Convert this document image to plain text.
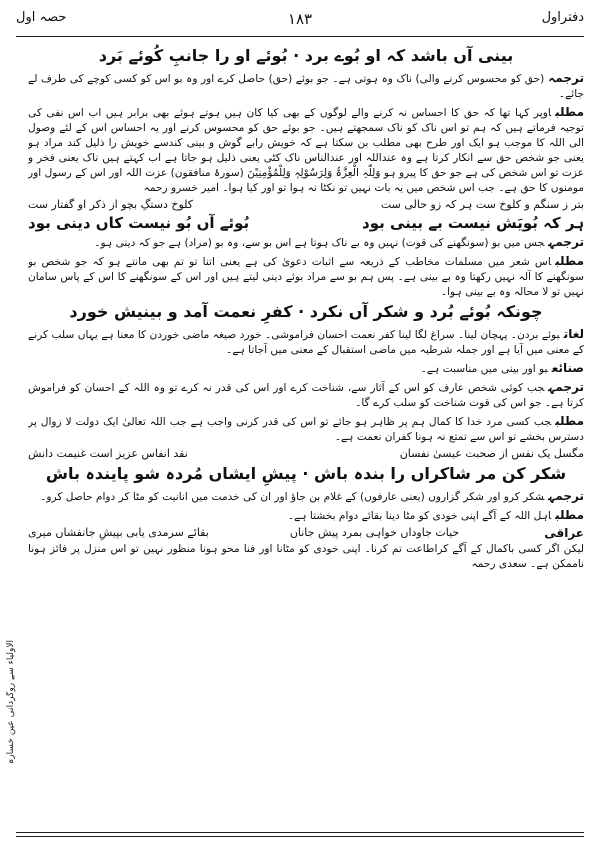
دفتراول
۱۸۳
حصہ اول
بینی آں باشد کہ او بُوے برد · بُوئے او را جانبِ کُوئے بَرد

ترجمہ(حق کو محسوس کرنے والی) ناک وہ ہوتی ہے۔ جو بوئے (حق) حاصل کرے اور وہ بو اس کو کسی کوچے کی طرف لے جائے۔

مطلباوپر کہا تھا کہ حق کا احساس نہ کرنے والے لوگوں کے بھی کیا کان ہیں ہوتے ہوئے بھی برابر ہیں اب اس نفی کی توجیہ فرماتے ہیں کہ ہم تو اس ناک کو ناک سمجھتے ہیں۔ جو بوئے حق کو محسوس کرنے اور یہ احساس اس کے لئے وصول الی اللہ کا موجب ہو ایک اور طرح بھی مطلب بن سکتا ہے کہ خویش رابے گوش و بینی کندسے خویش را ذلیل کند مراد ہو یعنی جو شخص حق سے انکار کرتا ہے وہ عنداللہ اور عندالناس ناک کٹی یعنی ذلیل ہو جاتا ہے اب کہتے ہیں ناک یعنی فخر و عزت تو اس شخص کی ہے جو حق کا پیرو ہو وَلِلّٰہِ الْعِزَّۃُ وَلِرَسُوْلِہٖ وَلِلْمُؤْمِنِیْنَ (سورۂ منافقون) عزت اللہ اور اس کے رسول اور مومنوں کا حق ہے۔ جب اس شخص میں یہ بات نہیں تو نکٹا نہ ہوا تو اور کیا ہوا۔ امیر خسرو رحمہ

بتر ز سنگم و کلوخ ست ہر کہ زو حالی ست
کلوخ دستگِ بچو از ذکر او گفتار ست
ہر کہ بُویَش نیست بے بینی بود
بُوئے آں بُو نیست کاں دینی بود

ترجمہجس میں بو (سونگھنے کی قوت) نہیں وہ بے ناک ہوتا ہے اس بو سے، وہ بو (مراد) ہے جو کہ دینی ہو۔

مطلباس شعر میں مسلمات مخاطب کے ذریعہ سے اثبات دعویٰ کی ہے یعنی اتنا تو تم بھی مانتے ہو کہ جو شخص بو سونگھنے کا آلہ نہیں رکھتا وہ بے بینی ہے۔ پس ہم بو سے مراد بوئے دینی لیتے ہیں اور اس کے سونگھنے کا اس کے پاس سامان نہیں تو لا محالہ وہ بے بینی ہوا۔

چونکہ بُوئے بُرد و شکر آں نکرد · کفرِ نعمت آمد و بینیش خورد

لغاتبوئے بردن۔ پہچان لینا۔ سراغ لگا لینا کفر نعمت احسان فراموشی۔ خورد صیغہ ماضی خوردن کا معنا ہے یہاں سلب کرنے کے معنی میں آیا ہے اور جملہ شرطیہ میں ماضی استقبال کے معنی میں آجاتا ہے۔

صنائعبو اور بینی میں مناسبت ہے۔

ترجمہجب کوئی شخص عارف کو اس کے آثار سے، شناخت کرے اور اس کی قدر نہ کرے تو وہ اللہ کے احسان کو فراموش کرتا ہے۔ جو اس کی قوت شناخت کو سلب کرے گا۔

مطلبجب کسی مرد خدا کا کمال ہم پر ظاہر ہو جائے تو اس کی قدر کرنی واجب ہے جب اللہ تعالیٰ ایک دولت لا زوال پر دسترس بخشے تو اس سے تمتع نہ ہونا کفران نعمت ہے۔

مگسل یک نفس از صحبت عیسیٰ نفسان
نقد انفاس عزیز است غنیمت دانش
شکر کن مر شاکراں را بندہ باش · پیشِ ایشاں مُردہ شو پایندہ باش

ترجمہشکر کرو اور شکر گزاروں (یعنی عارفوں) کے غلام بن جاؤ اور ان کی خدمت میں انانیت کو مٹا کر دوام حاصل کرو۔

مطلباہل اللہ کے آگے اپنی خودی کو مٹا دینا بقائے دوام بخشتا ہے۔

عراقی
حیات جاوداں خواہی بمرد پیش جاناں
بقائے سرمدی یابی بپیشِ جانفشاں میری

لیکن اگر کسی باکمال کے آگے کراطاعت تم کرنا۔ اپنی خودی کو مٹانا اور فنا محو ہونا منظور نہیں تو اس منزل پر فائز ہونا ناممکن ہے۔ سعدی رحمہ

الاولیاء سے روگردانی عین خسارہ
